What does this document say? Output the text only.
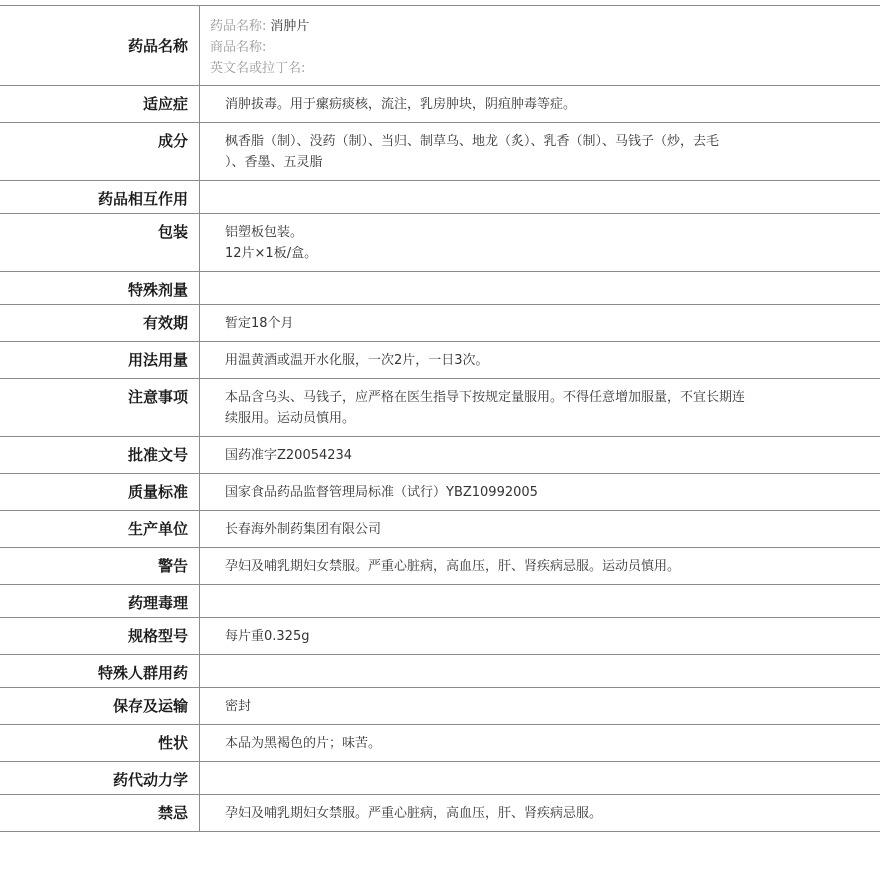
药品名称
药品名称: 消肿片
商品名称:
英文名或拉丁名:
适应症	消肿拔毒。用于瘰疬痰核，流注，乳房肿块，阴疽肿毒等症。
成分	枫香脂（制）、没药（制）、当归、制草乌、地龙（炙）、乳香（制）、马钱子（炒，去毛
）、香墨、五灵脂
药品相互作用
包装	铝塑板包装。
12片×1板/盒。
特殊剂量
有效期	暂定18个月
用法用量	用温黄酒或温开水化服，一次2片，一日3次。
注意事项	本品含乌头、马钱子，应严格在医生指导下按规定量服用。不得任意增加服量，不宜长期连
续服用。运动员慎用。
批准文号	国药准字Z20054234
质量标准	国家食品药品监督管理局标准（试行）YBZ10992005
生产单位	长春海外制药集团有限公司
警告	孕妇及哺乳期妇女禁服。严重心脏病，高血压，肝、肾疾病忌服。运动员慎用。
药理毒理
规格型号	每片重0.325g
特殊人群用药
保存及运输	密封
性状	本品为黑褐色的片；味苦。
药代动力学
禁忌	孕妇及哺乳期妇女禁服。严重心脏病，高血压，肝、肾疾病忌服。
